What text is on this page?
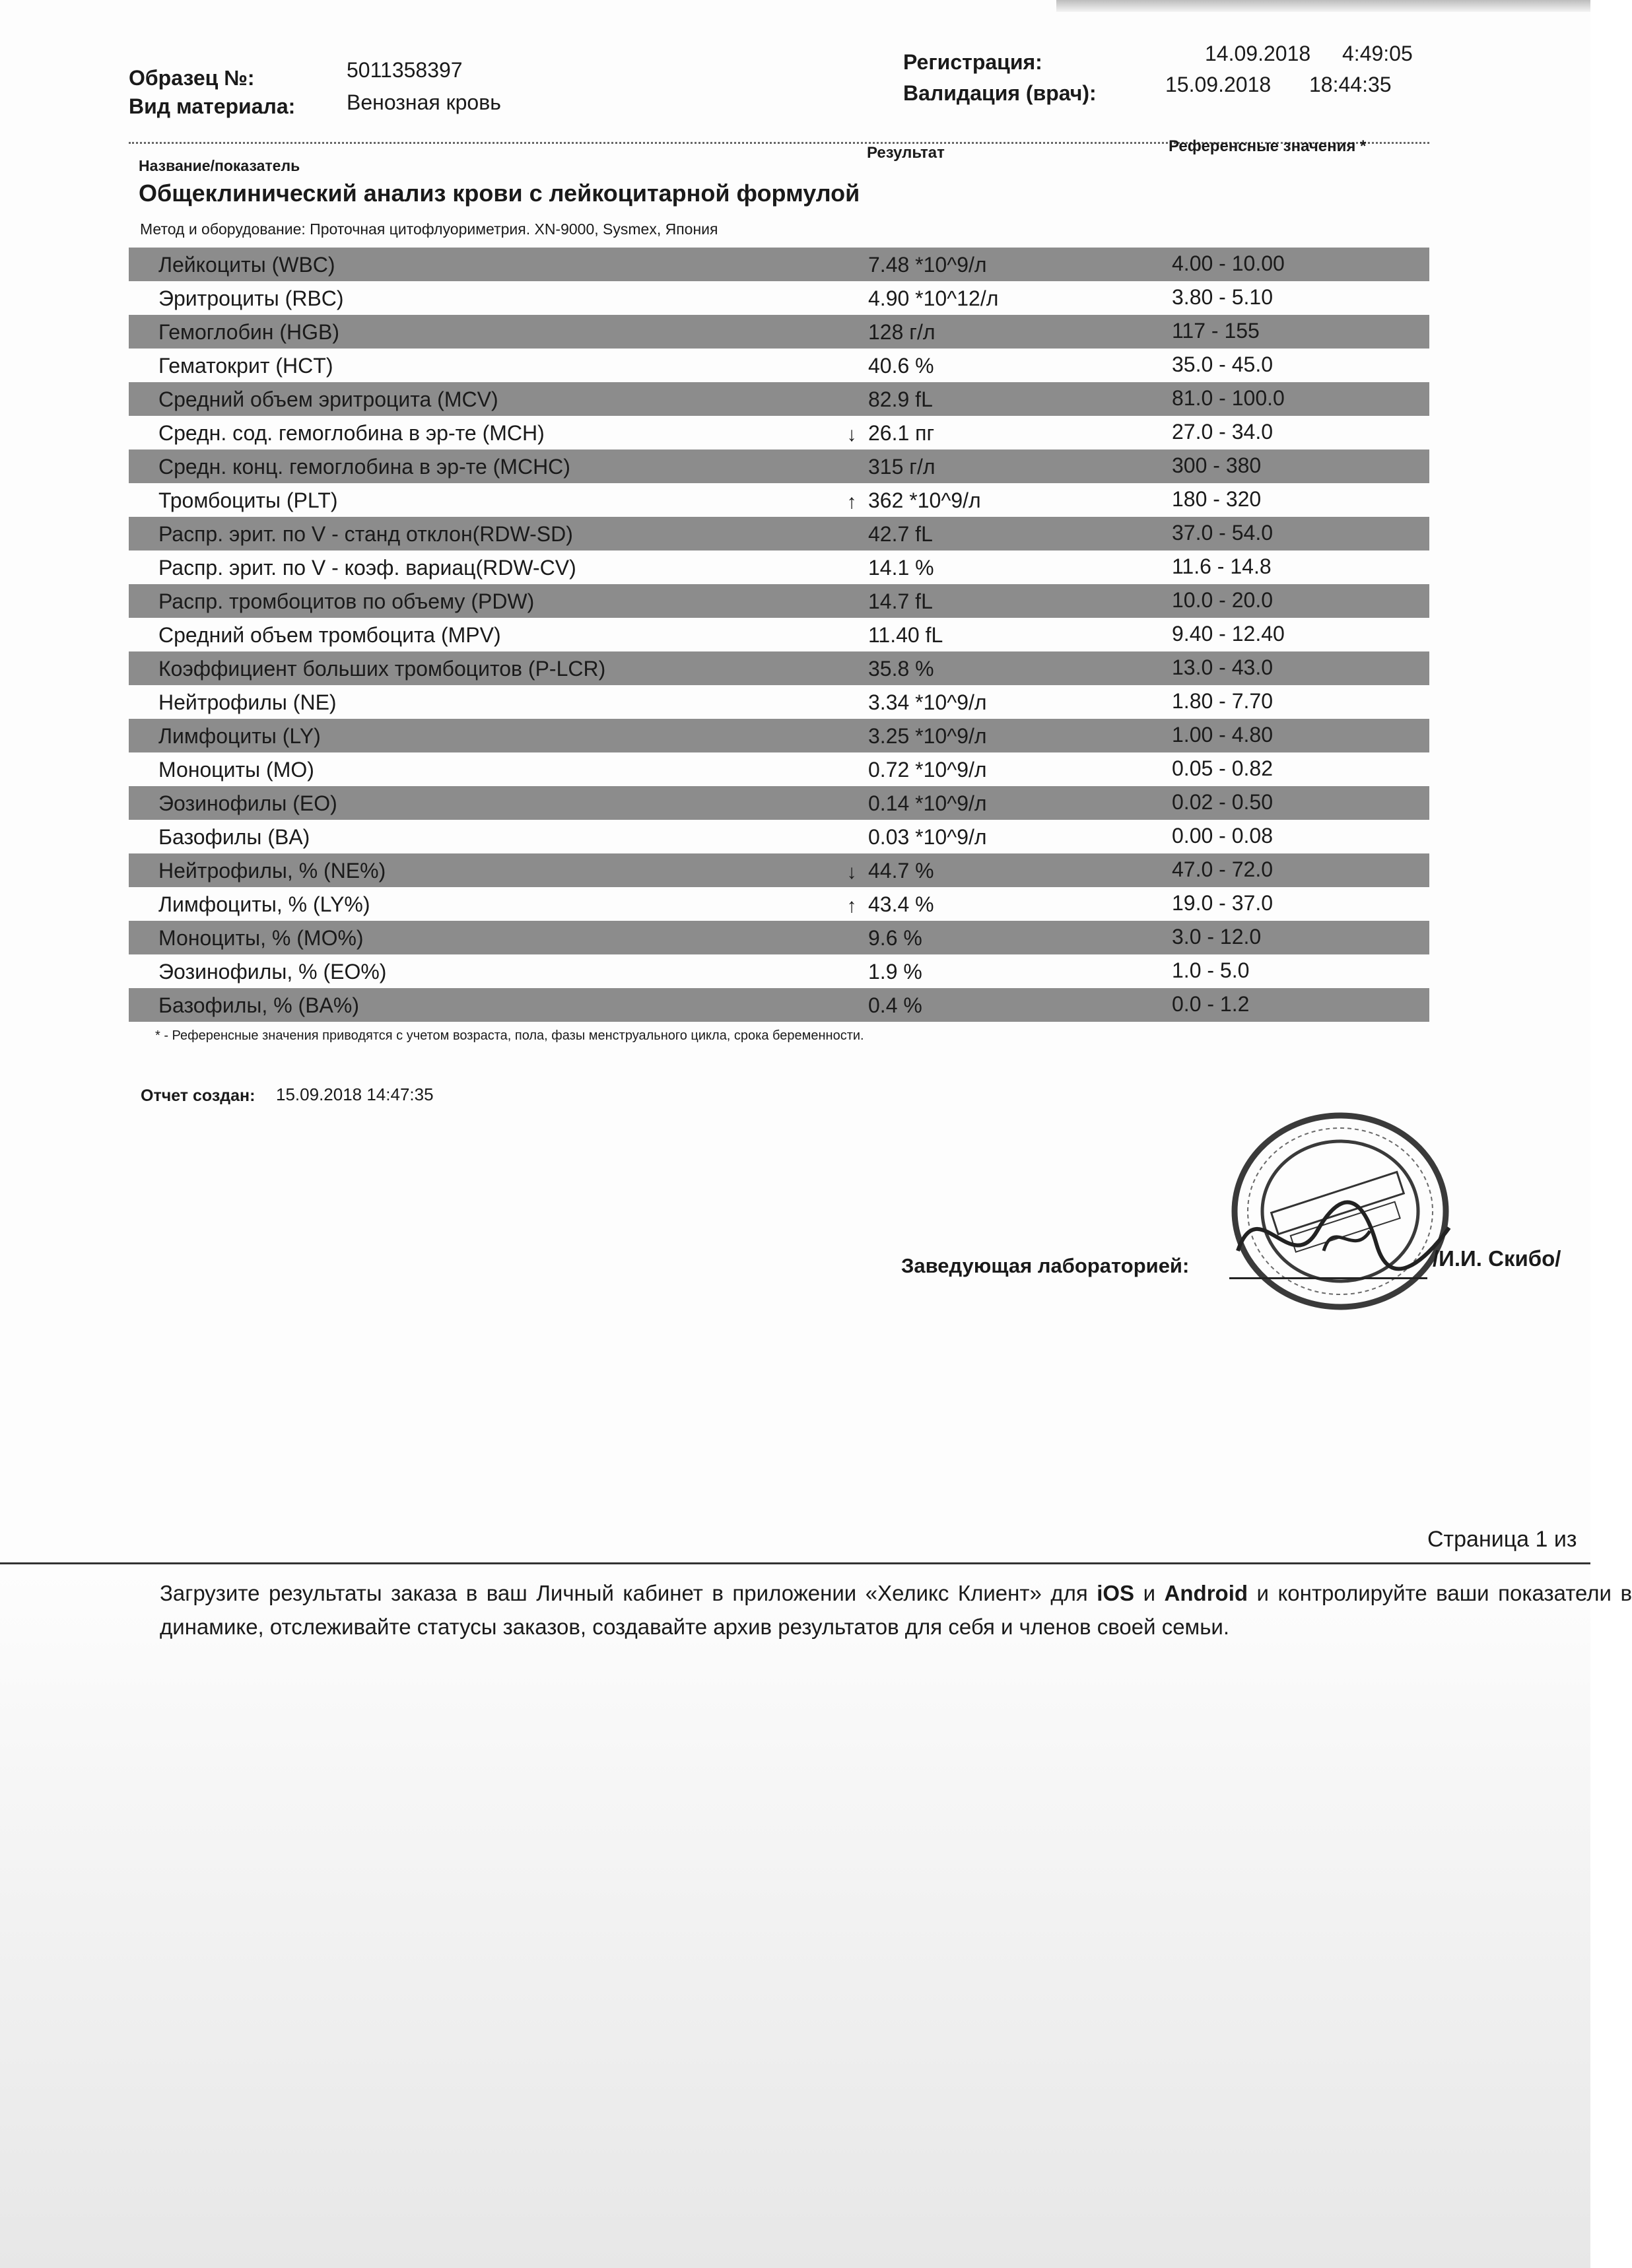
Образец №:	5011358397
Вид материала: Венозная кровь
Регистрация:	14.09.2018 4:49:05
Валидация (врач):	15.09.2018 18:44:35
Название/показатель
Результат	Референсные значения *
Общеклинический анализ крови с лейкоцитарной формулой
Метод и оборудование: Проточная цитофлуориметрия. XN-9000, Sysmex, Япония
Лейкоциты (WBC)	7.48 *10^9/л	4.00 - 10.00
Эритроциты (RBC)	4.90 *10^12/л	3.80 - 5.10
Гемоглобин (HGB)	128 г/л	117 - 155
Гематокрит (HCT)	40.6 %	35.0 - 45.0
Средний объем эритроцита (MCV)	82.9 fL	81.0 - 100.0
Средн. сод. гемоглобина в эр-те (MCH)	↓ 26.1 пг	27.0 - 34.0
Средн. конц. гемоглобина в эр-те (MCHC)	315 г/л	300 - 380
Тромбоциты (PLT)	↑ 362 *10^9/л	180 - 320
Распр. эрит. по V - станд отклон(RDW-SD)	42.7 fL	37.0 - 54.0
Распр. эрит. по V - коэф. вариац(RDW-CV)	14.1 %	11.6 - 14.8
Распр. тромбоцитов по объему (PDW)	14.7 fL	10.0 - 20.0
Средний объем тромбоцита (MPV)	11.40 fL	9.40 - 12.40
Коэффициент больших тромбоцитов (P-LCR)	35.8 %	13.0 - 43.0
Нейтрофилы (NE)	3.34 *10^9/л	1.80 - 7.70
Лимфоциты (LY)	3.25 *10^9/л	1.00 - 4.80
Моноциты (MO)	0.72 *10^9/л	0.05 - 0.82
Эозинофилы (EO)	0.14 *10^9/л	0.02 - 0.50
Базофилы (BA)	0.03 *10^9/л	0.00 - 0.08
Нейтрофилы, % (NE%)	↓ 44.7 %	47.0 - 72.0
Лимфоциты, % (LY%)	↑ 43.4 %	19.0 - 37.0
Моноциты, % (MO%)	9.6 %	3.0 - 12.0
Эозинофилы, % (EO%)	1.9 %	1.0 - 5.0
Базофилы, % (BA%)	0.4 %	0.0 - 1.2
* - Референсные значения приводятся с учетом возраста, пола, фазы менструального цикла, срока беременности.
Отчет создан: 15.09.2018 14:47:35
Заведующая лабораторией:	/И.И. Скибо/
Страница 1 из
Загрузите результаты заказа в ваш Личный кабинет в приложении «Хеликс Клиент» для iOS и Android и контролируйте ваши показатели в динамике, отслеживайте статусы заказов, создавайте архив результатов для себя и членов своей семьи.
